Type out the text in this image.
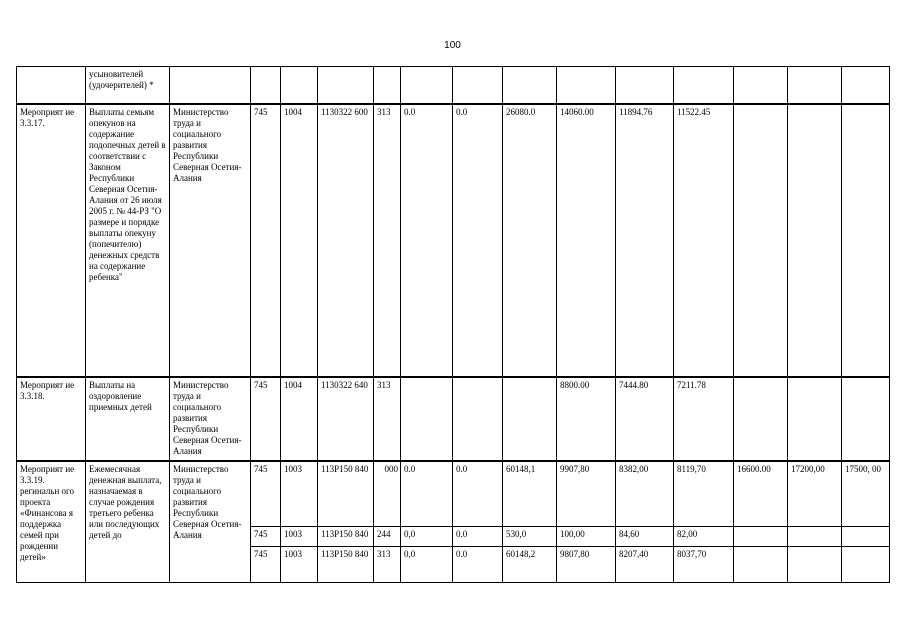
100
	усыновителей (удочерителей) *														
Мероприят ие 3.3.17.	Выплаты семьям опекунов на содержание подопечных детей в соответствии с Законом Республики Северная Осетия-Алания от 26 июля 2005 г. № 44-РЗ "О размере и порядке выплаты опекуну (попечителю) денежных средств на содержание ребенка"	Министерство труда и социального развития Республики Северная Осетия-Алания	745	1004	1130322 600	313	0.0	0.0	26080.0	14060.00	11894.76	11522.45			
Мероприят ие 3.3.18.	Выплаты на оздоровление приемных детей	Министерство труда и социального развития Республики Северная Осетия-Алания	745	1004	1130322 640	313				8800.00	7444.80	7211.78			
Мероприят ие 3.3.19. регинальн ого проекта «Финансова я поддержка семей при рождении детей»	Ежемесячная денежная выплата, назначаемая в случае рождения третьего ребенка или последующих детей до	Министерство труда и социального развития Республики Северная Осетия-Алания	745	1003	113P150 840	000	0.0	0.0	60148,1	9907,80	8382,00	8119,70	16600.00	17200,00	17500, 00
			745	1003	113P150 840	244	0,0	0.0	530,0	100,00	84,60	82,00			
			745	1003	113P150 840	313	0,0	0.0	60148,2	9807,80	8207,40	8037,70			
